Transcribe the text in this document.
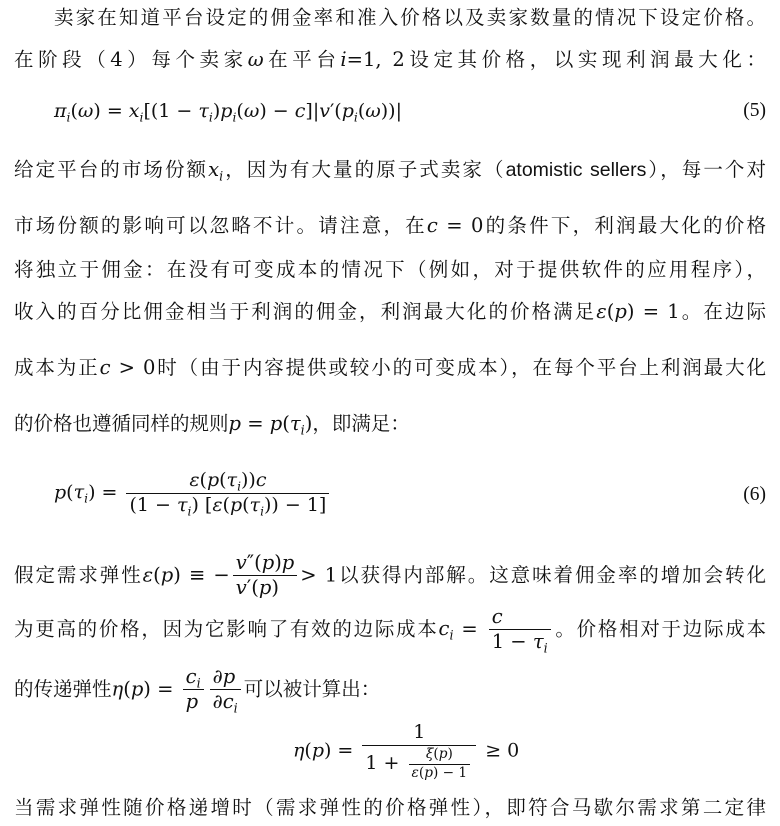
卖家在知道平台设定的佣金率和准入价格以及卖家数量的情况下设定价格。
在阶段（4）每个卖家ω在平台i=1, 2设定其价格，以实现利润最大化：
$\pi_i(\omega) = x_i[(1 - \tau_i)p_i(\omega) - c]|v'(p_i(\omega))|$	(5)
给定平台的市场份额$x_i$，因为有大量的原子式卖家（atomistic sellers），每一个对
市场份额的影响可以忽略不计。请注意，在c = 0的条件下，利润最大化的价格
将独立于佣金：在没有可变成本的情况下（例如，对于提供软件的应用程序），
收入的百分比佣金相当于利润的佣金，利润最大化的价格满足ε(p) = 1。在边际
成本为正c > 0时（由于内容提供或较小的可变成本），在每个平台上利润最大化
的价格也遵循同样的规则$p = p(\tau_i)$，即满足：
$p(\tau_i) = \frac{\varepsilon(p(\tau_i))c}{(1 - \tau_i) [\varepsilon(p(\tau_i)) - 1]}$	(6)
假定需求弹性ε(p) ≡ − $\frac{v''(p)p}{v'(p)} > 1$以获得内部解。这意味着佣金率的增加会转化
为更高的价格，因为它影响了有效的边际成本$c_i = \frac{c}{1 - \tau_i}$ 。价格相对于边际成本
的传递弹性$\eta(p) = \frac{c_i}{p} \frac{\partial p}{\partial c_i}$ 可以被计算出：
$\eta(p) = \frac{1}{1 + \frac{\xi(p)}{\varepsilon(p) - 1}} \ge 0$
当需求弹性随价格递增时（需求弹性的价格弹性），即符合马歇尔需求第二定律
